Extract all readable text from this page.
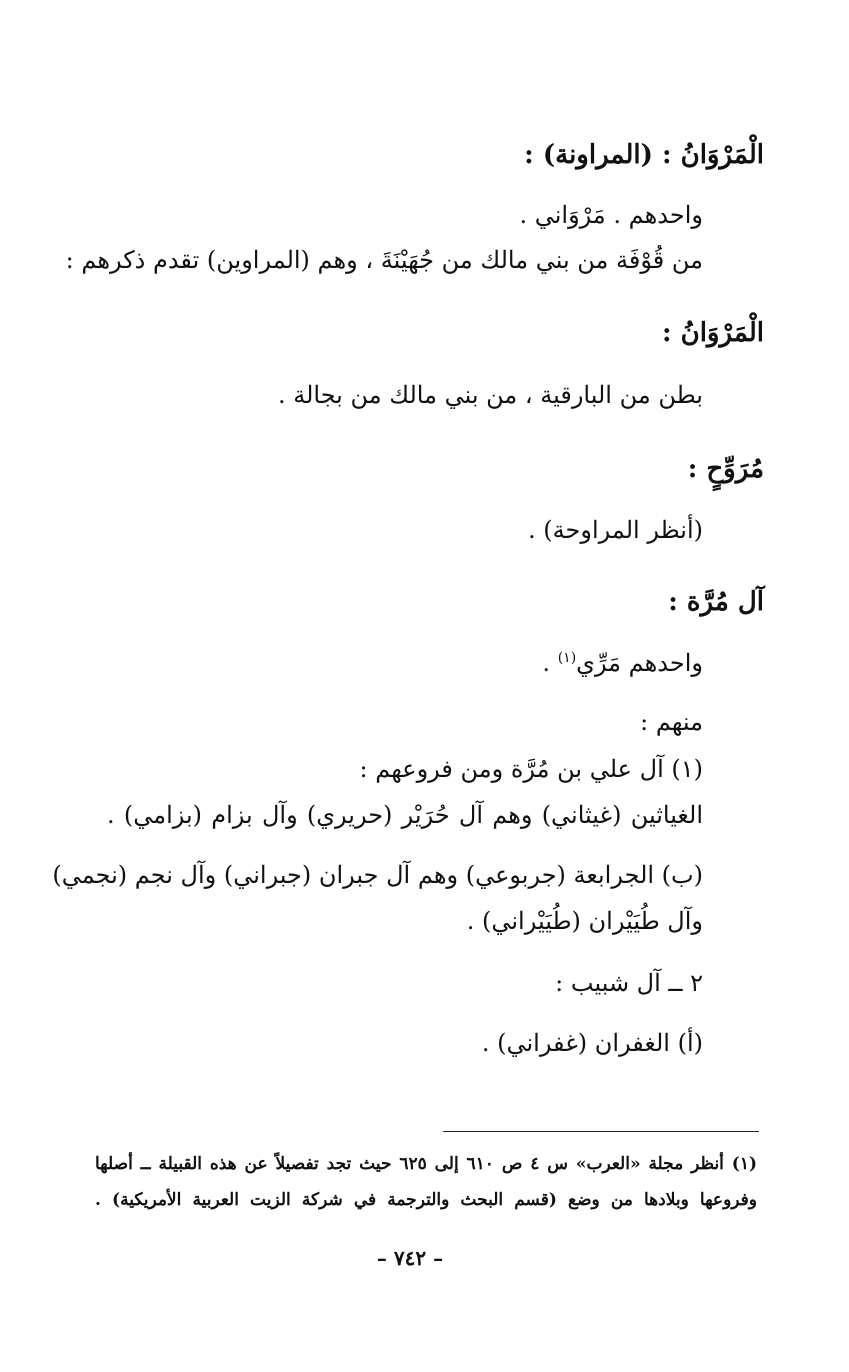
الْمَرْوَانُ : (المراونة) :
واحدهم . مَرْوَاني .
من قُوْفَة من بني مالك من جُهَيْنَةَ ، وهم (المراوين) تقدم ذكرهم :
الْمَرْوَانُ :
بطن من البارقية ، من بني مالك من بجالة .
مُرَوِّحٍ :
(أنظر المراوحة) .
آل مُرَّة :
واحدهم مَرِّي$^{(١)}$ .
منهم :
(١) آل علي بن مُرَّة ومن فروعهم :
الغياثين (غيثاني) وهم آل حُرَيْر (حريري) وآل بزام (بزامي) .
(ب) الجرابعة (جربوعي) وهم آل جبران (جبراني) وآل نجم (نجمي)
وآل طُيَيْران (طُيَيْراني) .
٢ ــ آل شبيب :
(أ) الغفران (غفراني) .
(١) أنظر مجلة «العرب» س ٤ ص ٦١٠ إلى ٦٢٥ حيث تجد تفصيلاً عن هذه القبيلة ــ أصلها
وفروعها وبلادها من وضع (قسم البحث والترجمة في شركة الزيت العربية الأمريكية) .
– ٧٤٢ –
